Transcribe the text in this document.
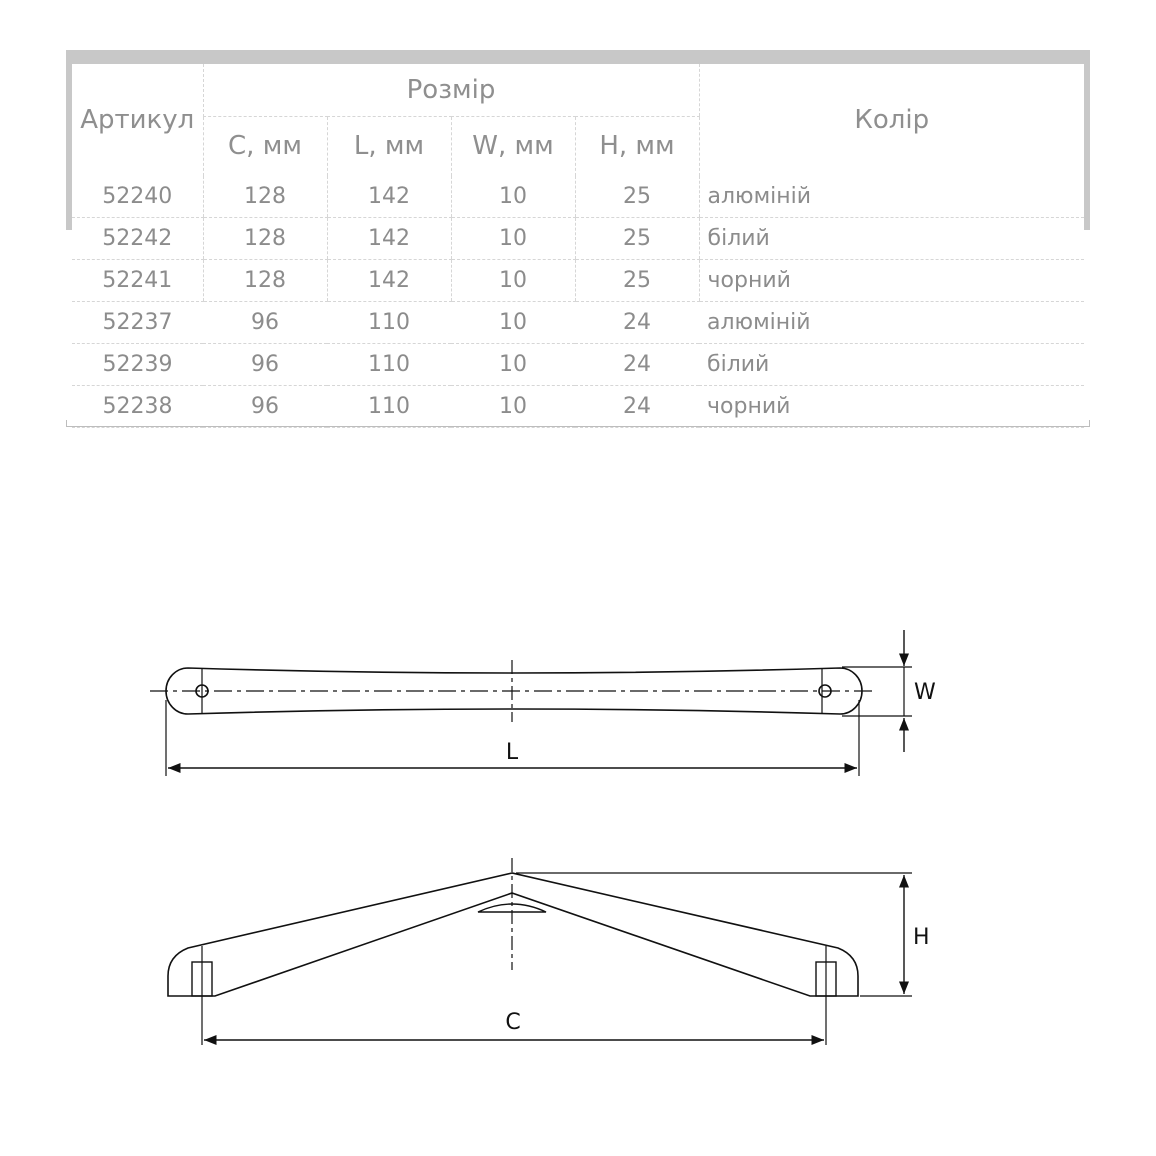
Артикул	Розмір				Колір
	C, мм	L, мм	W, мм	H, мм	
52240	128	142	10	25	алюміній
52242	128	142	10	25	білий
52241	128	142	10	25	чорний
52237	96	110	10	24	алюміній
52239	96	110	10	24	білий
52238	96	110	10	24	чорний
L
W
H
C
